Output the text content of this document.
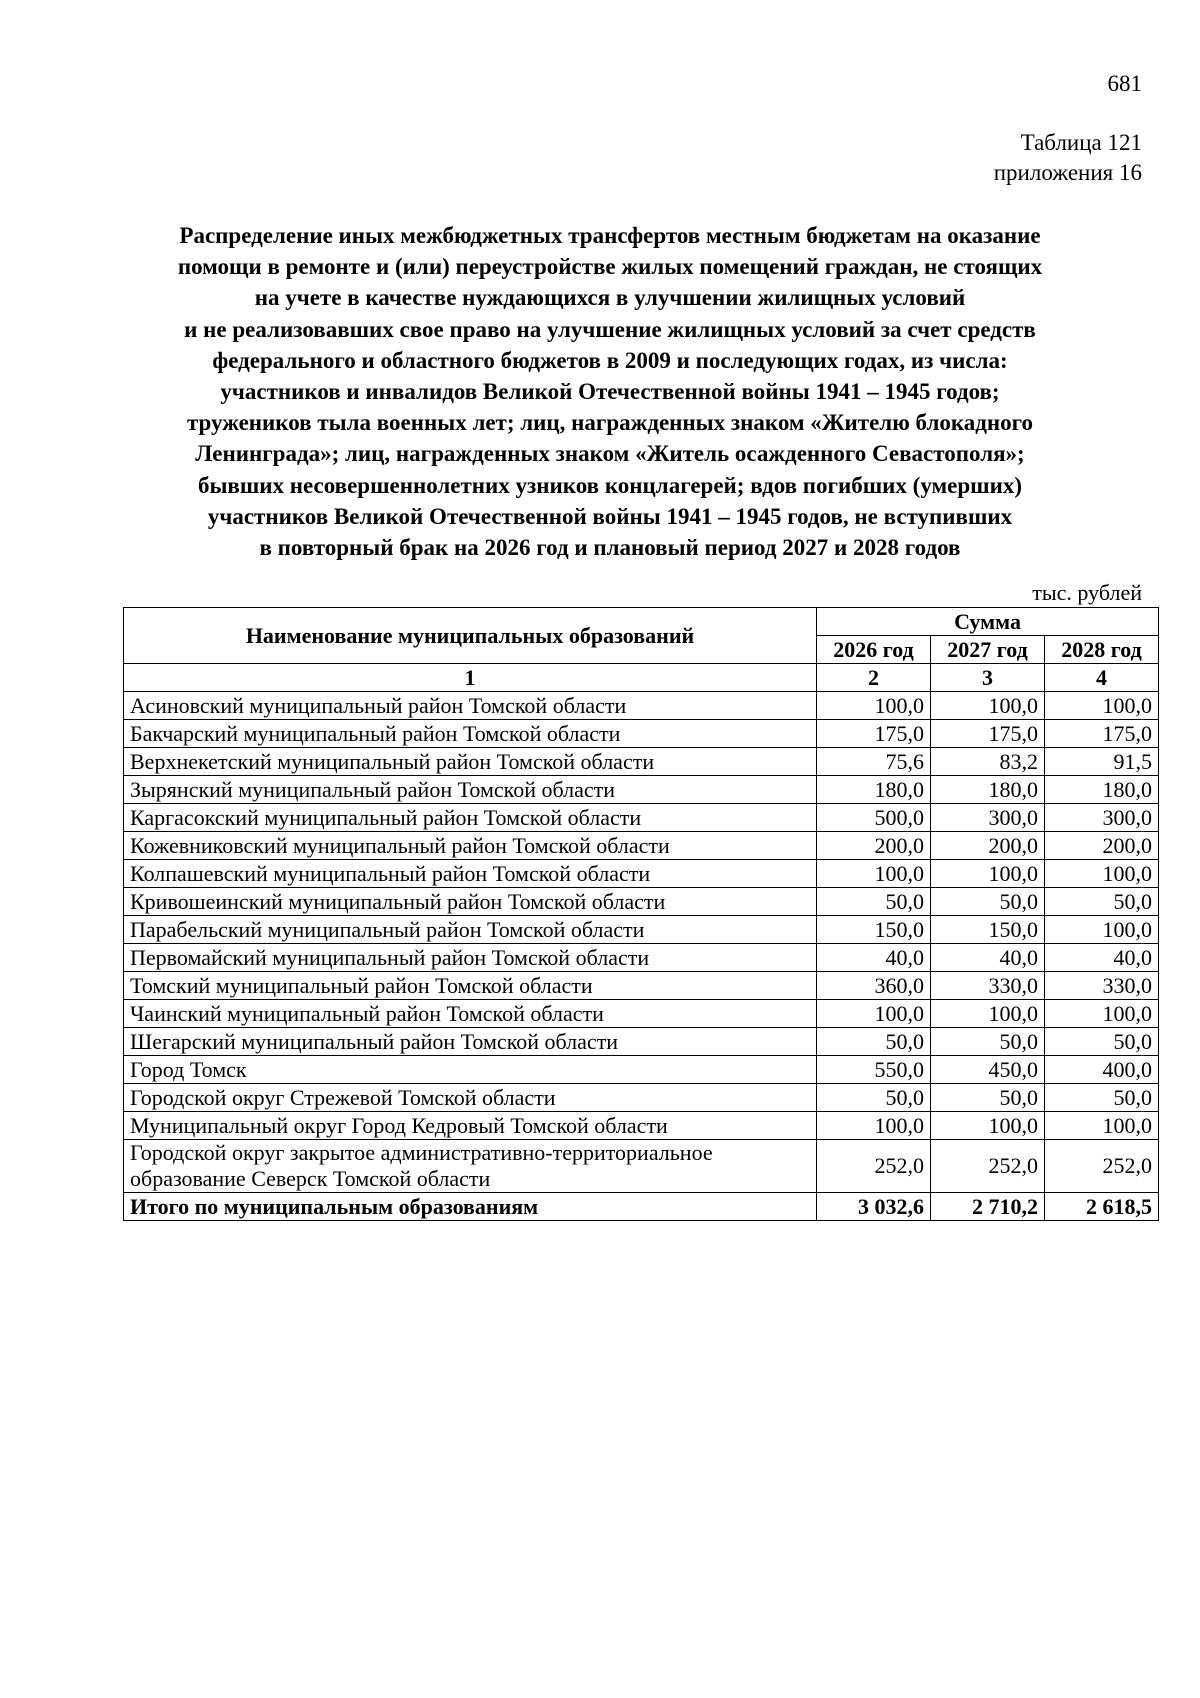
681
Таблица 121
приложения 16
Распределение иных межбюджетных трансфертов местным бюджетам на оказание
помощи в ремонте и (или) переустройстве жилых помещений граждан, не стоящих
на учете в качестве нуждающихся в улучшении жилищных условий
и не реализовавших свое право на улучшение жилищных условий за счет средств
федерального и областного бюджетов в 2009 и последующих годах, из числа:
участников и инвалидов Великой Отечественной войны 1941 – 1945 годов;
тружеников тыла военных лет; лиц, награжденных знаком «Жителю блокадного
Ленинграда»; лиц, награжденных знаком «Житель осажденного Севастополя»;
бывших несовершеннолетних узников концлагерей; вдов погибших (умерших)
участников Великой Отечественной войны 1941 – 1945 годов, не вступивших
в повторный брак на 2026 год и плановый период 2027 и 2028 годов
тыс. рублей
Наименование муниципальных образований	Сумма		
	2026 год	2027 год	2028 год
1	2	3	4
Асиновский муниципальный район Томской области	100,0	100,0	100,0
Бакчарский муниципальный район Томской области	175,0	175,0	175,0
Верхнекетский муниципальный район Томской области	75,6	83,2	91,5
Зырянский муниципальный район Томской области	180,0	180,0	180,0
Каргасокский муниципальный район Томской области	500,0	300,0	300,0
Кожевниковский муниципальный район Томской области	200,0	200,0	200,0
Колпашевский муниципальный район Томской области	100,0	100,0	100,0
Кривошеинский муниципальный район Томской области	50,0	50,0	50,0
Парабельский муниципальный район Томской области	150,0	150,0	100,0
Первомайский муниципальный район Томской области	40,0	40,0	40,0
Томский муниципальный район Томской области	360,0	330,0	330,0
Чаинский муниципальный район Томской области	100,0	100,0	100,0
Шегарский муниципальный район Томской области	50,0	50,0	50,0
Город Томск	550,0	450,0	400,0
Городской округ Стрежевой Томской области	50,0	50,0	50,0
Муниципальный округ Город Кедровый Томской области	100,0	100,0	100,0
Городской округ закрытое административно-территориальное образование Северск Томской области	252,0	252,0	252,0
Итого по муниципальным образованиям	3 032,6	2 710,2	2 618,5
